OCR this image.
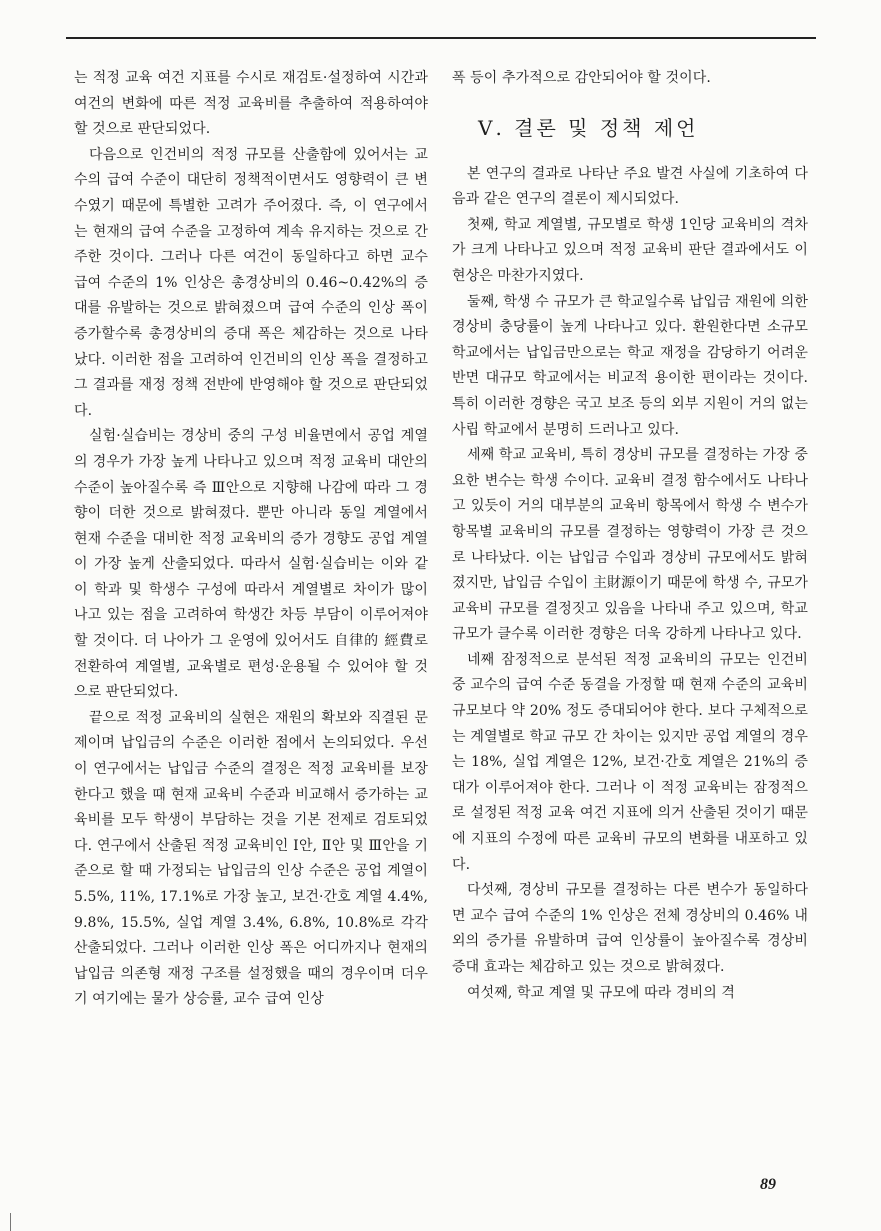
는 적정 교육 여건 지표를 수시로 재검토·설정하여 시간과 여건의 변화에 따른 적정 교육비를 추출하여 적용하여야 할 것으로 판단되었다.

다음으로 인건비의 적정 규모를 산출함에 있어서는 교수의 급여 수준이 대단히 정책적이면서도 영향력이 큰 변수였기 때문에 특별한 고려가 주어졌다. 즉, 이 연구에서는 현재의 급여 수준을 고정하여 계속 유지하는 것으로 간주한 것이다. 그러나 다른 여건이 동일하다고 하면 교수 급여 수준의 1% 인상은 총경상비의 0.46~0.42%의 증대를 유발하는 것으로 밝혀졌으며 급여 수준의 인상 폭이 증가할수록 총경상비의 증대 폭은 체감하는 것으로 나타났다. 이러한 점을 고려하여 인건비의 인상 폭을 결정하고 그 결과를 재정 정책 전반에 반영해야 할 것으로 판단되었다.

실험·실습비는 경상비 중의 구성 비율면에서 공업 계열의 경우가 가장 높게 나타나고 있으며 적정 교육비 대안의 수준이 높아질수록 즉 Ⅲ안으로 지향해 나감에 따라 그 경향이 더한 것으로 밝혀졌다. 뿐만 아니라 동일 계열에서 현재 수준을 대비한 적정 교육비의 증가 경향도 공업 계열이 가장 높게 산출되었다. 따라서 실험·실습비는 이와 같이 학과 및 학생수 구성에 따라서 계열별로 차이가 많이 나고 있는 점을 고려하여 학생간 차등 부담이 이루어져야 할 것이다. 더 나아가 그 운영에 있어서도 自律的 經費로 전환하여 계열별, 교육별로 편성·운용될 수 있어야 할 것으로 판단되었다.

끝으로 적정 교육비의 실현은 재원의 확보와 직결된 문제이며 납입금의 수준은 이러한 점에서 논의되었다. 우선 이 연구에서는 납입금 수준의 결정은 적정 교육비를 보장한다고 했을 때 현재 교육비 수준과 비교해서 증가하는 교육비를 모두 학생이 부담하는 것을 기본 전제로 검토되었다. 연구에서 산출된 적정 교육비인 Ⅰ안, Ⅱ안 및 Ⅲ안을 기준으로 할 때 가정되는 납입금의 인상 수준은 공업 계열이 5.5%, 11%, 17.1%로 가장 높고, 보건·간호 계열 4.4%, 9.8%, 15.5%, 실업 계열 3.4%, 6.8%, 10.8%로 각각 산출되었다. 그러나 이러한 인상 폭은 어디까지나 현재의 납입금 의존형 재정 구조를 설정했을 때의 경우이며 더우기 여기에는 물가 상승률, 교수 급여 인상

폭 등이 추가적으로 감안되어야 할 것이다.

Ⅴ. 결론 및 정책 제언

본 연구의 결과로 나타난 주요 발견 사실에 기초하여 다음과 같은 연구의 결론이 제시되었다.

첫째, 학교 계열별, 규모별로 학생 1인당 교육비의 격차가 크게 나타나고 있으며 적정 교육비 판단 결과에서도 이 현상은 마찬가지였다.

둘째, 학생 수 규모가 큰 학교일수록 납입금 재원에 의한 경상비 충당률이 높게 나타나고 있다. 환원한다면 소규모 학교에서는 납입금만으로는 학교 재정을 감당하기 어려운 반면 대규모 학교에서는 비교적 용이한 편이라는 것이다. 특히 이러한 경향은 국고 보조 등의 외부 지원이 거의 없는 사립 학교에서 분명히 드러나고 있다.

세째 학교 교육비, 특히 경상비 규모를 결정하는 가장 중요한 변수는 학생 수이다. 교육비 결정 함수에서도 나타나고 있듯이 거의 대부분의 교육비 항목에서 학생 수 변수가 항목별 교육비의 규모를 결정하는 영향력이 가장 큰 것으로 나타났다. 이는 납입금 수입과 경상비 규모에서도 밝혀졌지만, 납입금 수입이 主財源이기 때문에 학생 수, 규모가 교육비 규모를 결정짓고 있음을 나타내 주고 있으며, 학교 규모가 클수록 이러한 경향은 더욱 강하게 나타나고 있다.

네째 잠정적으로 분석된 적정 교육비의 규모는 인건비 중 교수의 급여 수준 동결을 가정할 때 현재 수준의 교육비 규모보다 약 20% 정도 증대되어야 한다. 보다 구체적으로는 계열별로 학교 규모 간 차이는 있지만 공업 계열의 경우는 18%, 실업 계열은 12%, 보건·간호 계열은 21%의 증대가 이루어져야 한다. 그러나 이 적정 교육비는 잠정적으로 설정된 적정 교육 여건 지표에 의거 산출된 것이기 때문에 지표의 수정에 따른 교육비 규모의 변화를 내포하고 있다.

다섯째, 경상비 규모를 결정하는 다른 변수가 동일하다면 교수 급여 수준의 1% 인상은 전체 경상비의 0.46% 내외의 증가를 유발하며 급여 인상률이 높아질수록 경상비 증대 효과는 체감하고 있는 것으로 밝혀졌다.

여섯째, 학교 계열 및 규모에 따라 경비의 격

89
